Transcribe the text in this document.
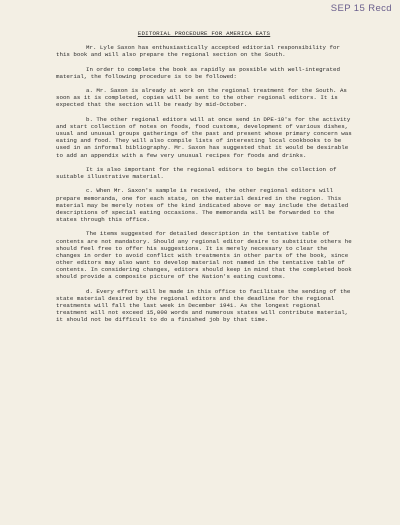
SEP 15 Recd
EDITORIAL PROCEDURE FOR AMERICA EATS

Mr. Lyle Saxon has enthusiastically accepted editorial responsibility for this book and will also prepare the regional section on the South.

In order to complete the book as rapidly as possible with well-integrated material, the following procedure is to be followed:

a. Mr. Saxon is already at work on the regional treatment for the South. As soon as it is completed, copies will be sent to the other regional editors. It is expected that the section will be ready by mid-October.

b. The other regional editors will at once send in DPE-10's for the activity and start collection of notes on foods, food customs, development of various dishes, usual and unusual groups gatherings of the past and present whose primary concern was eating and food. They will also compile lists of interesting local cookbooks to be used in an informal bibliography. Mr. Saxon has suggested that it would be desirable to add an appendix with a few very unusual recipes for foods and drinks.

It is also important for the regional editors to begin the collection of suitable illustrative material.

c. When Mr. Saxon's sample is received, the other regional editors will prepare memoranda, one for each state, on the material desired in the region. This material may be merely notes of the kind indicated above or may include the detailed descriptions of special eating occasions. The memoranda will be forwarded to the states through this office.

The items suggested for detailed description in the tentative table of contents are not mandatory. Should any regional editor desire to substitute others he should feel free to offer his suggestions. It is merely necessary to clear the changes in order to avoid conflict with treatments in other parts of the book, since other editors may also want to develop material not named in the tentative table of contents. In considering changes, editors should keep in mind that the completed book should provide a composite picture of the Nation's eating customs.

d. Every effort will be made in this office to facilitate the sending of the state material desired by the regional editors and the deadline for the regional treatments will fall the last week in December 1941. As the longest regional treatment will not exceed 15,000 words and numerous states will contribute material, it should not be difficult to do a finished job by that time.
